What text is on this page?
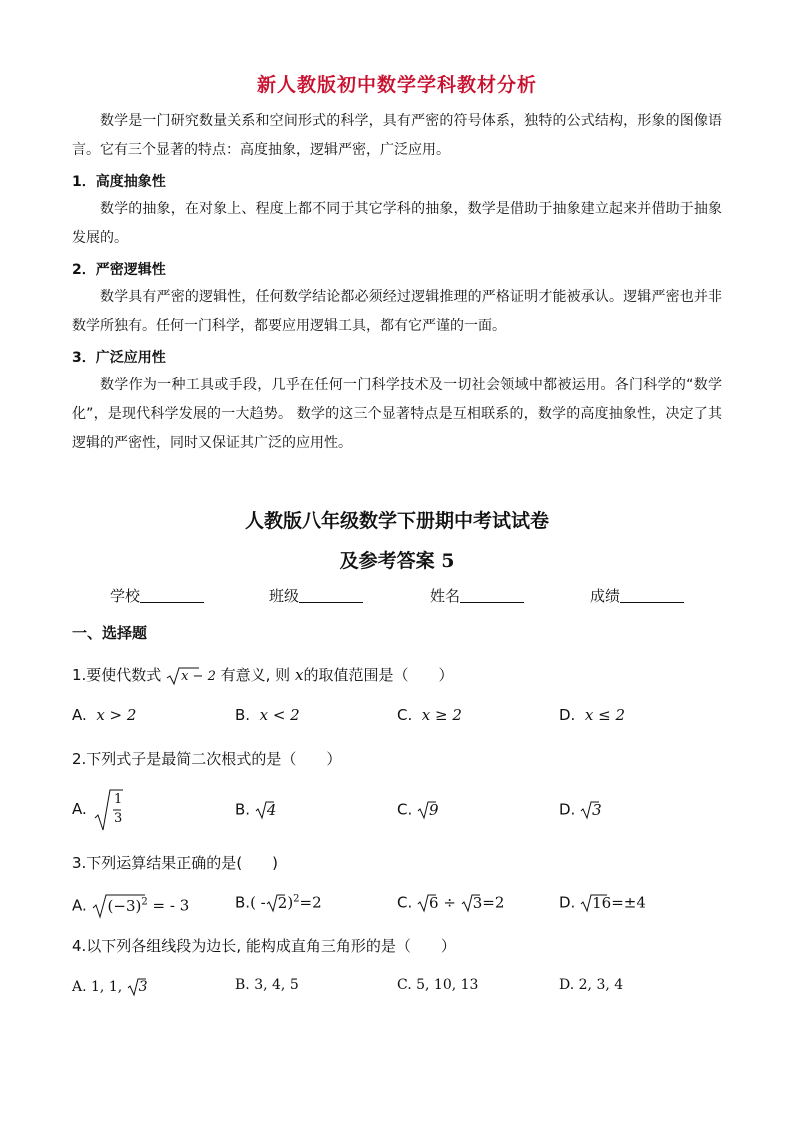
新人教版初中数学学科教材分析
数学是一门研究数量关系和空间形式的科学，具有严密的符号体系，独特的公式结构，形象的图像语言。它有三个显著的特点：高度抽象，逻辑严密，广泛应用。
1．高度抽象性
数学的抽象，在对象上、程度上都不同于其它学科的抽象，数学是借助于抽象建立起来并借助于抽象发展的。
2．严密逻辑性
数学具有严密的逻辑性，任何数学结论都必须经过逻辑推理的严格证明才能被承认。逻辑严密也并非数学所独有。任何一门科学，都要应用逻辑工具，都有它严谨的一面。
3．广泛应用性
数学作为一种工具或手段，几乎在任何一门科学技术及一切社会领域中都被运用。各门科学的“数学化”，是现代科学发展的一大趋势。 数学的这三个显著特点是互相联系的，数学的高度抽象性，决定了其逻辑的严密性，同时又保证其广泛的应用性。
人教版八年级数学下册期中考试试卷
及参考答案 5
学校	班级	姓名	成绩
一、选择题
1.要使代数式 x − 2 有意义, 则 x的取值范围是（　　）
A. x > 2	B. x < 2	C. x ≥ 2	D. x ≤ 2
2.下列式子是最简二次根式的是（　　）
A.
1
3	B. 4	C. 9	D. 3
3.下列运算结果正确的是(　　)
A. $(-3)^2$ = - 3	B.( - 2)$^2$=2	C. 6 ÷ 3=2	D. 16=±4
4.以下列各组线段为边长, 能构成直角三角形的是（　　）
A. 1, 1, 3	B. 3, 4, 5	C. 5, 10, 13	D. 2, 3, 4
